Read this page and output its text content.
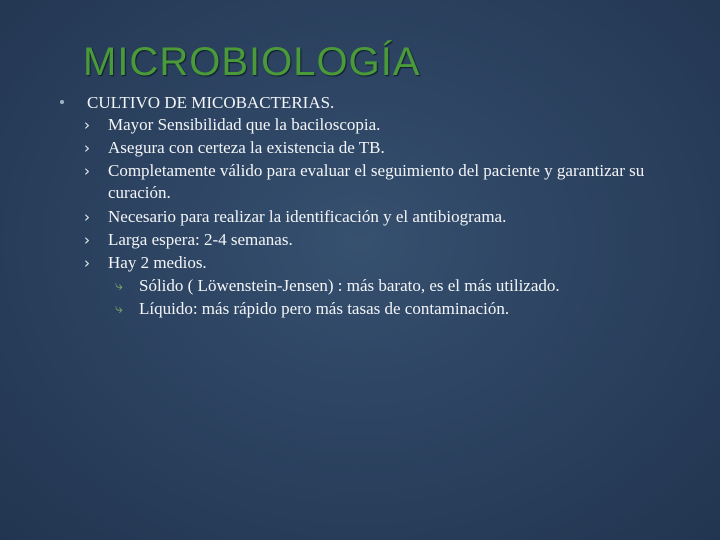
MICROBIOLOGÍA
CULTIVO DE MICOBACTERIAS.
› Mayor Sensibilidad que la baciloscopia.
› Asegura con certeza la existencia de TB.
› Completamente válido para evaluar el seguimiento del paciente y garantizar su curación.
› Necesario para realizar la identificación y el antibiograma.
› Larga espera: 2-4 semanas.
› Hay 2 medios.
⤷ Sólido ( Löwenstein-Jensen) : más barato, es el más utilizado.
⤷ Líquido: más rápido pero más tasas de contaminación.
